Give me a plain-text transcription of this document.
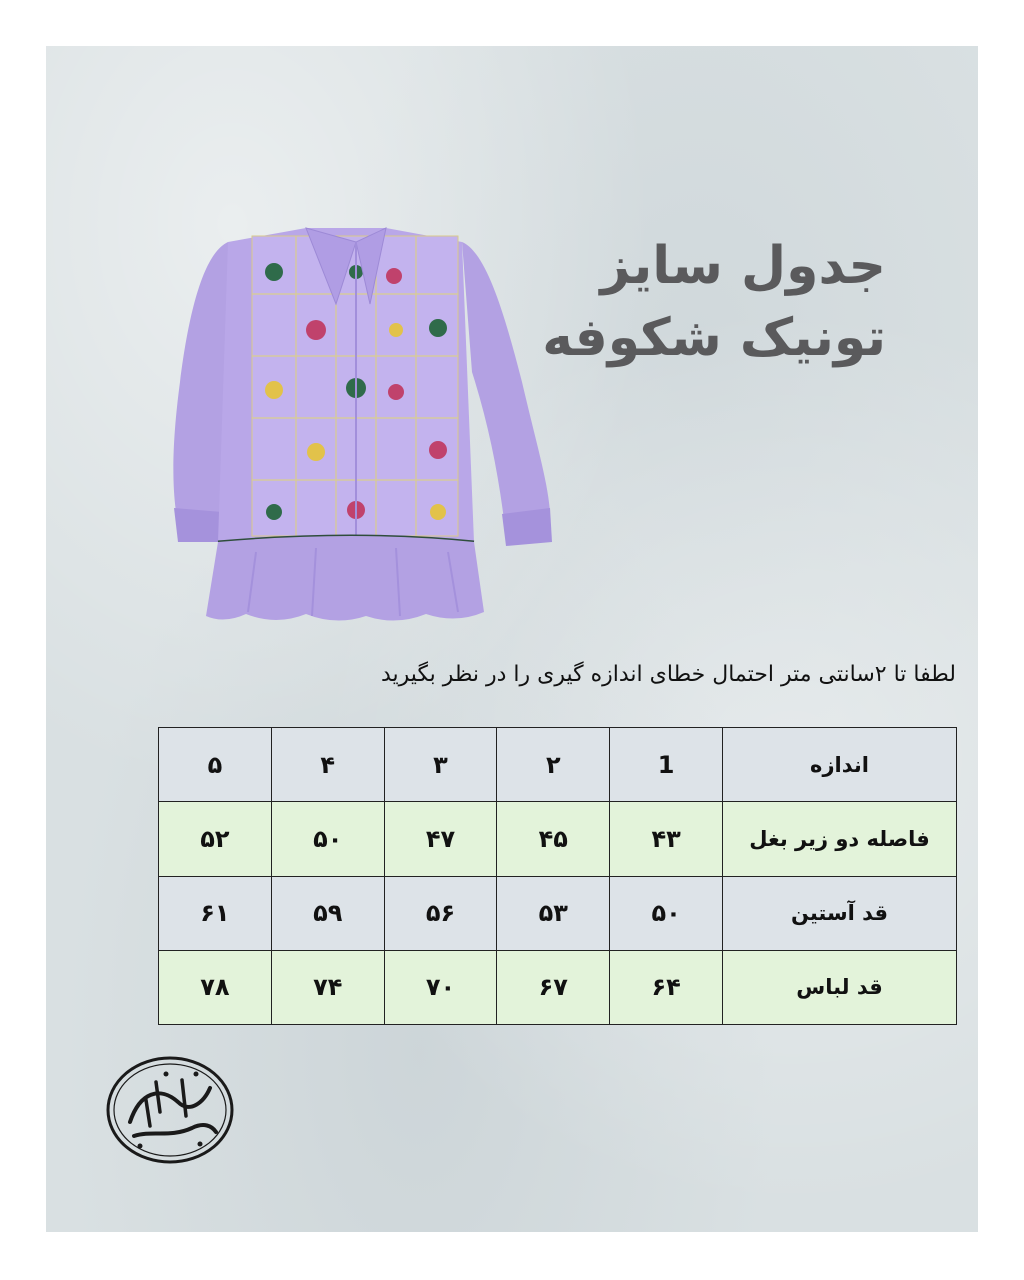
جدول سایز
تونیک شکوفه
لطفا تا ۲سانتی متر احتمال خطای اندازه گیری را در نظر بگیرید
اندازه	1	۲	۳	۴	۵
فاصله دو زیر بغل	۴۳	۴۵	۴۷	۵۰	۵۲
قد آستین	۵۰	۵۳	۵۶	۵۹	۶۱
قد لباس	۶۴	۶۷	۷۰	۷۴	۷۸
